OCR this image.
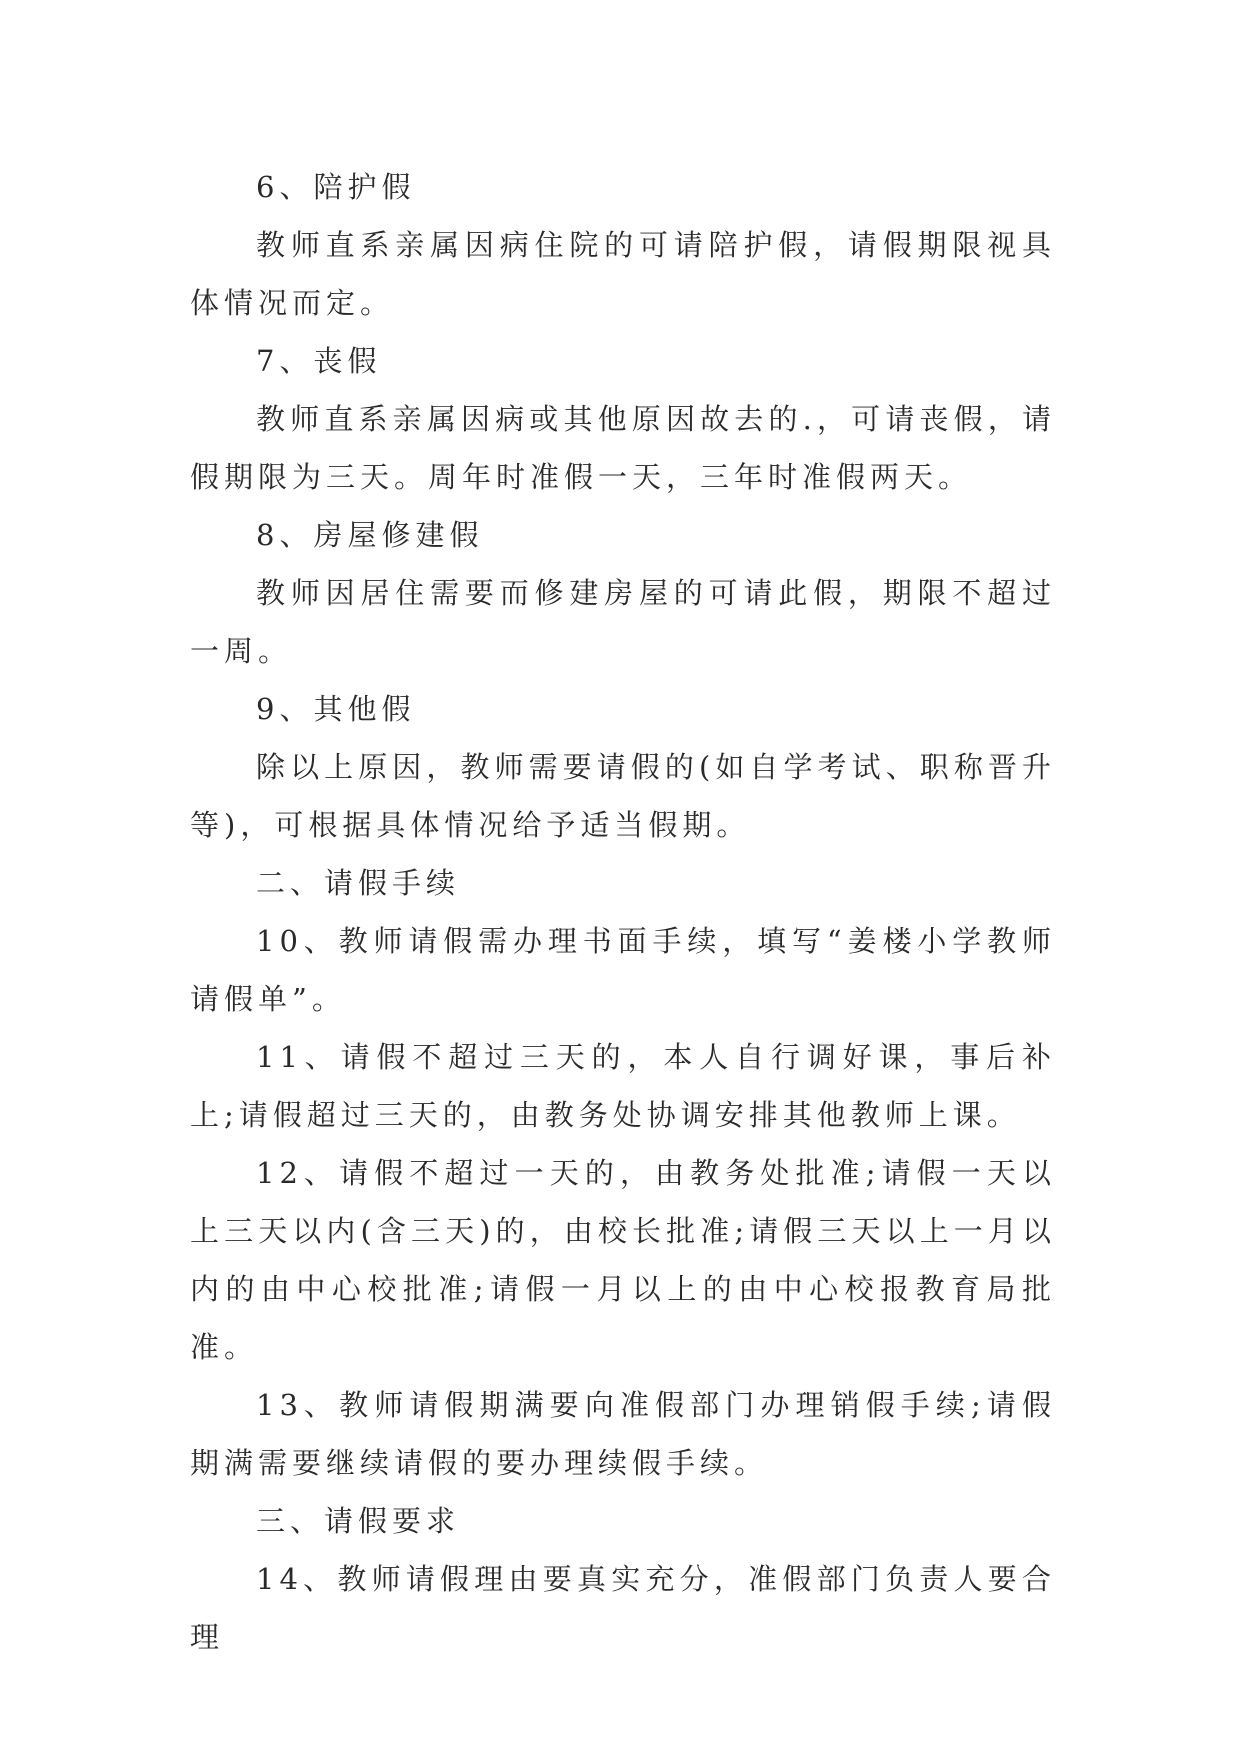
6、陪护假

教师直系亲属因病住院的可请陪护假，请假期限视具体情况而定。

7、丧假

教师直系亲属因病或其他原因故去的.，可请丧假，请假期限为三天。周年时准假一天，三年时准假两天。

8、房屋修建假

教师因居住需要而修建房屋的可请此假，期限不超过一周。

9、其他假

除以上原因，教师需要请假的(如自学考试、职称晋升等)，可根据具体情况给予适当假期。

二、请假手续

10、教师请假需办理书面手续，填写“姜楼小学教师请假单”。

11、请假不超过三天的，本人自行调好课，事后补上;请假超过三天的，由教务处协调安排其他教师上课。

12、请假不超过一天的，由教务处批准;请假一天以上三天以内(含三天)的，由校长批准;请假三天以上一月以内的由中心校批准;请假一月以上的由中心校报教育局批准。

13、教师请假期满要向准假部门办理销假手续;请假期满需要继续请假的要办理续假手续。

三、请假要求

14、教师请假理由要真实充分，准假部门负责人要合理
